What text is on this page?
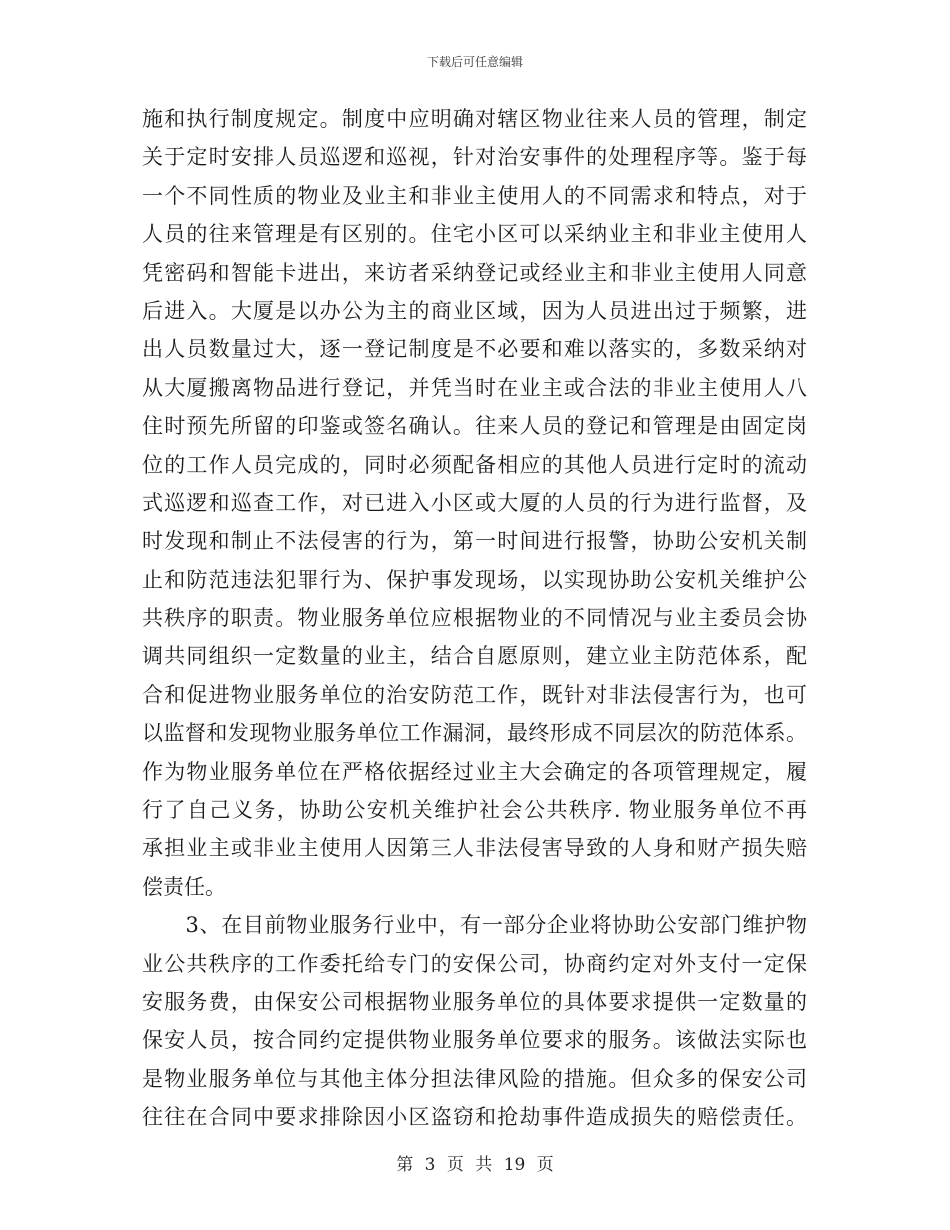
下载后可任意编辑
施和执行制度规定。制度中应明确对辖区物业往来人员的管理，制定
关于定时安排人员巡逻和巡视，针对治安事件的处理程序等。鉴于每
一个不同性质的物业及业主和非业主使用人的不同需求和特点，对于
人员的往来管理是有区别的。住宅小区可以采纳业主和非业主使用人
凭密码和智能卡进出，来访者采纳登记或经业主和非业主使用人同意
后进入。大厦是以办公为主的商业区域，因为人员进出过于频繁，进
出人员数量过大，逐一登记制度是不必要和难以落实的，多数采纳对
从大厦搬离物品进行登记，并凭当时在业主或合法的非业主使用人八
住时预先所留的印鉴或签名确认。往来人员的登记和管理是由固定岗
位的工作人员完成的，同时必须配备相应的其他人员进行定时的流动
式巡逻和巡查工作，对已进入小区或大厦的人员的行为进行监督，及
时发现和制止不法侵害的行为，第一时间进行报警，协助公安机关制
止和防范违法犯罪行为、保护事发现场，以实现协助公安机关维护公
共秩序的职责。物业服务单位应根据物业的不同情况与业主委员会协
调共同组织一定数量的业主，结合自愿原则，建立业主防范体系，配
合和促进物业服务单位的治安防范工作，既针对非法侵害行为，也可
以监督和发现物业服务单位工作漏洞，最终形成不同层次的防范体系。
作为物业服务单位在严格依据经过业主大会确定的各项管理规定，履
行了自己义务，协助公安机关维护社会公共秩序. 物业服务单位不再
承担业主或非业主使用人因第三人非法侵害导致的人身和财产损失赔
偿责任。
　　3、在目前物业服务行业中，有一部分企业将协助公安部门维护物
业公共秩序的工作委托给专门的安保公司，协商约定对外支付一定保
安服务费，由保安公司根据物业服务单位的具体要求提供一定数量的
保安人员，按合同约定提供物业服务单位要求的服务。该做法实际也
是物业服务单位与其他主体分担法律风险的措施。但众多的保安公司
往往在合同中要求排除因小区盗窃和抢劫事件造成损失的赔偿责任。
第 3 页 共 19 页
